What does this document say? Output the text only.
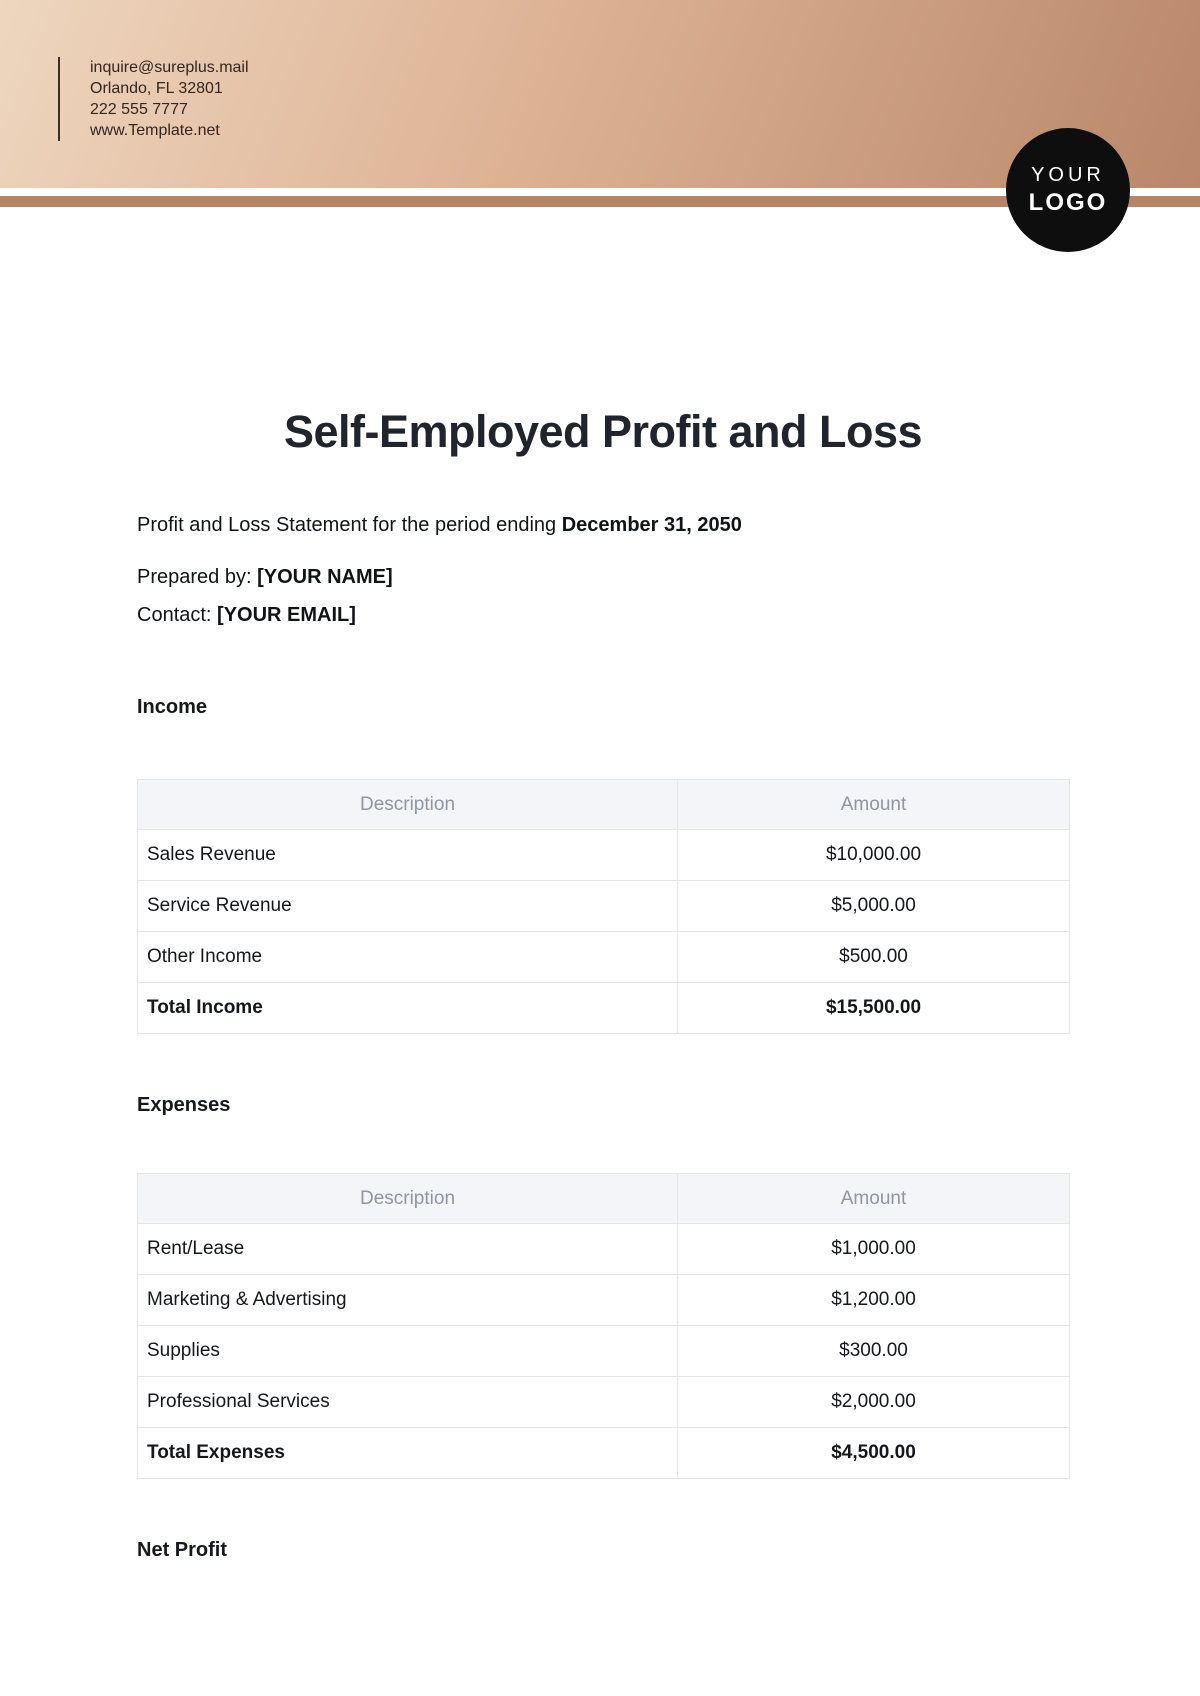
inquire@sureplus.mail
Orlando, FL 32801
222 555 7777
www.Template.net
YOUR
LOGO
Self-Employed Profit and Loss

Profit and Loss Statement for the period ending December 31, 2050

Prepared by: [YOUR NAME]

Contact: [YOUR EMAIL]

Income
Description	Amount
Sales Revenue	$10,000.00
Service Revenue	$5,000.00
Other Income	$500.00
Total Income	$15,500.00
Expenses
Description	Amount
Rent/Lease	$1,000.00
Marketing & Advertising	$1,200.00
Supplies	$300.00
Professional Services	$2,000.00
Total Expenses	$4,500.00
Net Profit
